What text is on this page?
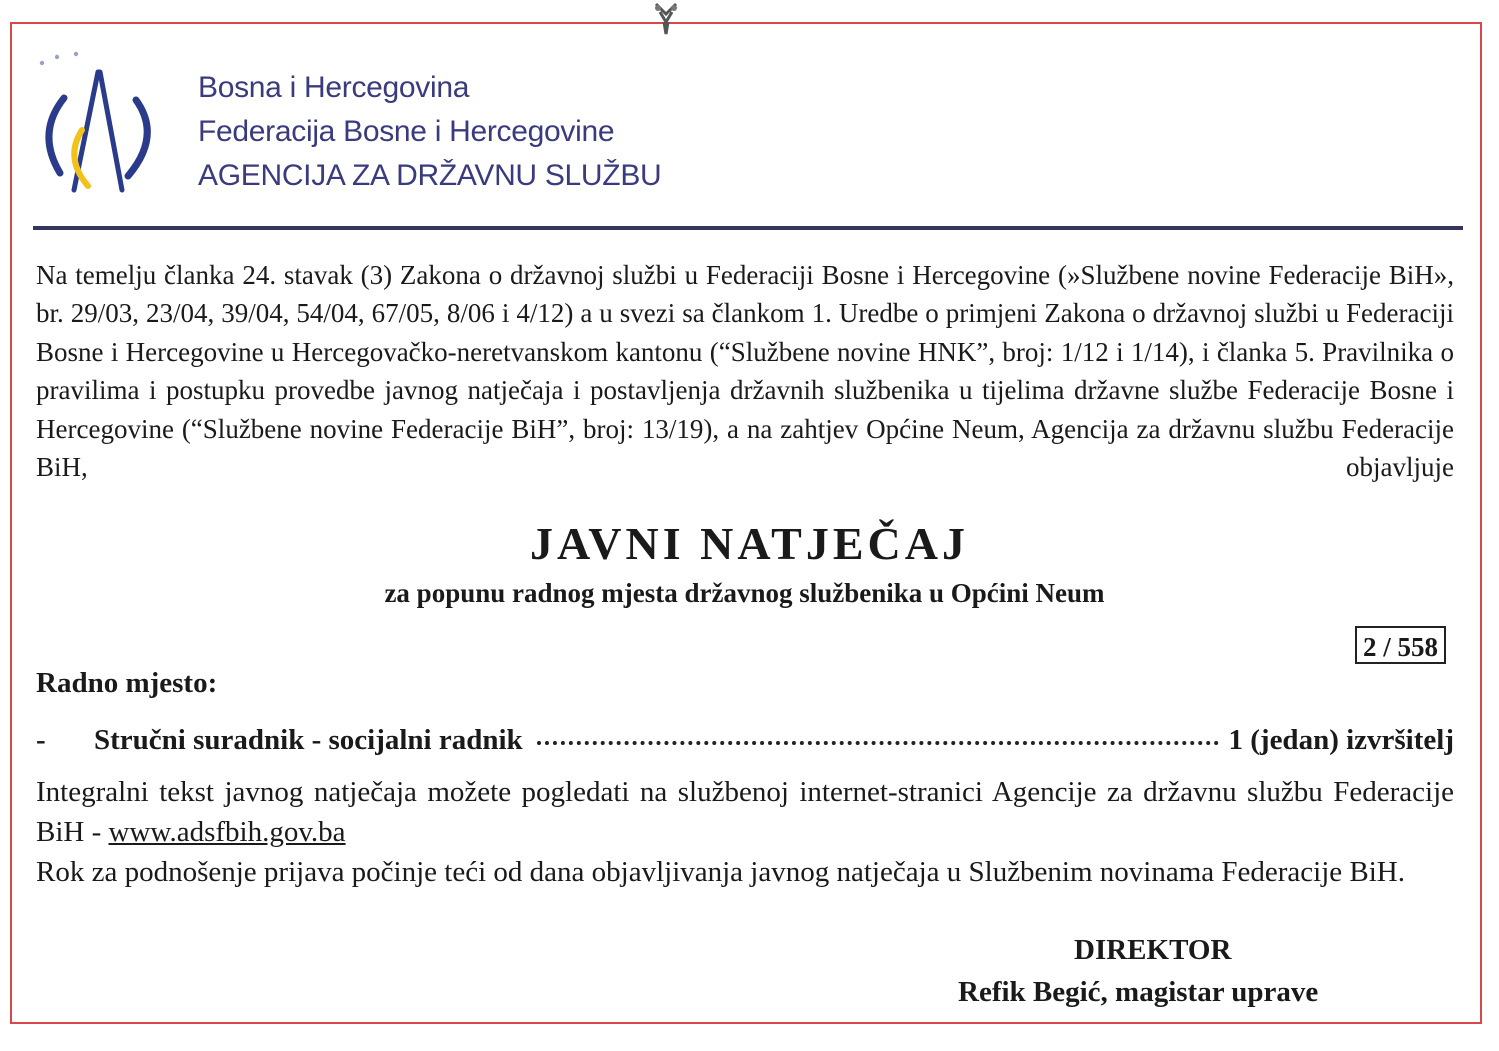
Bosna i Hercegovina
Federacija Bosne i Hercegovine
AGENCIJA ZA DRŽAVNU SLUŽBU
Na temelju članka 24. stavak (3) Zakona o državnoj službi u Federaciji Bosne i Hercegovine (»Službene novine Federacije BiH», br. 29/03, 23/04, 39/04, 54/04, 67/05, 8/06 i 4/12) a u svezi sa člankom 1. Uredbe o primjeni Zakona o državnoj službi u Federaciji Bosne i Hercegovine u Hercegovačko-neretvanskom kantonu (“Službene novine HNK”, broj: 1/12 i 1/14), i članka 5. Pravilnika o pravilima i postupku provedbe javnog natječaja i postavljenja državnih službenika u tijelima državne službe Federacije Bosne i Hercegovine (“Službene novine Federacije BiH”, broj: 13/19), a na zahtjev Općine Neum, Agencija za državnu službu Federacije BiH, objavljuje
JAVNI NATJEČAJ
za popunu radnog mjesta državnog službenika u Općini Neum
2 / 558
Radno mjesto:
-	Stručni suradnik - socijalni radnik	1 (jedan) izvršitelj
Integralni tekst javnog natječaja možete pogledati na službenoj internet-stranici Agencije za državnu službu Federacije BiH - www.adsfbih.gov.ba
Rok za podnošenje prijava počinje teći od dana objavljivanja javnog natječaja u Službenim novinama Federacije BiH.
DIREKTOR
Refik Begić, magistar uprave
